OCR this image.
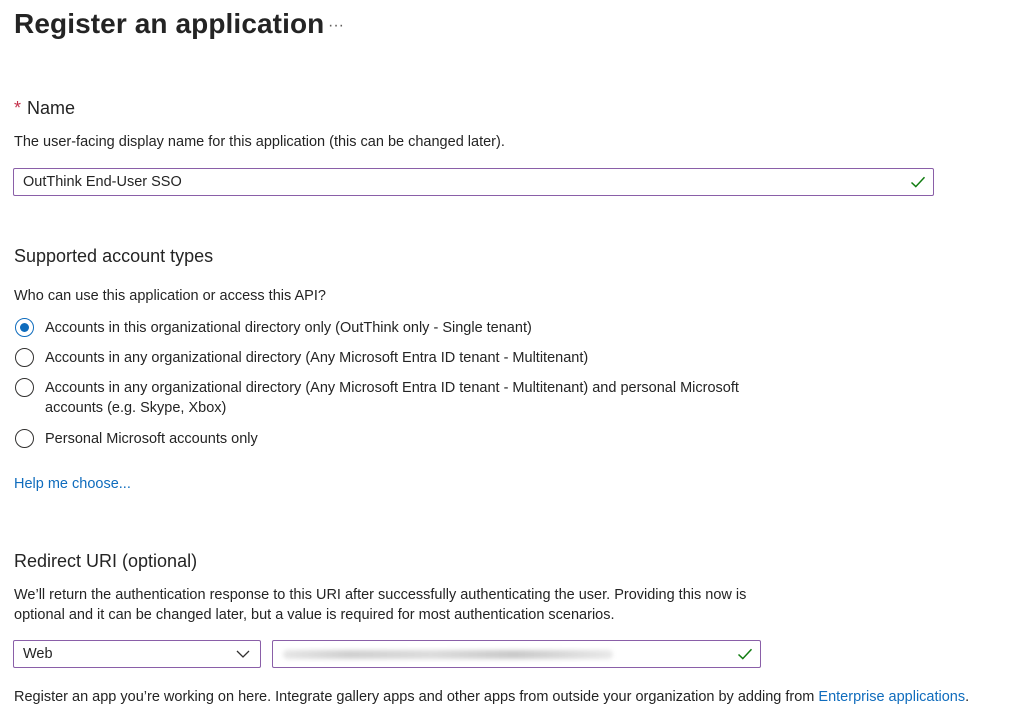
Register an application ···
* Name
The user-facing display name for this application (this can be changed later).
OutThink End-User SSO
Supported account types
Who can use this application or access this API?
Accounts in this organizational directory only (OutThink only - Single tenant)
Accounts in any organizational directory (Any Microsoft Entra ID tenant - Multitenant)
Accounts in any organizational directory (Any Microsoft Entra ID tenant - Multitenant) and personal Microsoft accounts (e.g. Skype, Xbox)
Personal Microsoft accounts only
Help me choose...
Redirect URI (optional)
We’ll return the authentication response to this URI after successfully authenticating the user. Providing this now is optional and it can be changed later, but a value is required for most authentication scenarios.
Web
Register an app you’re working on here. Integrate gallery apps and other apps from outside your organization by adding from Enterprise applications.
